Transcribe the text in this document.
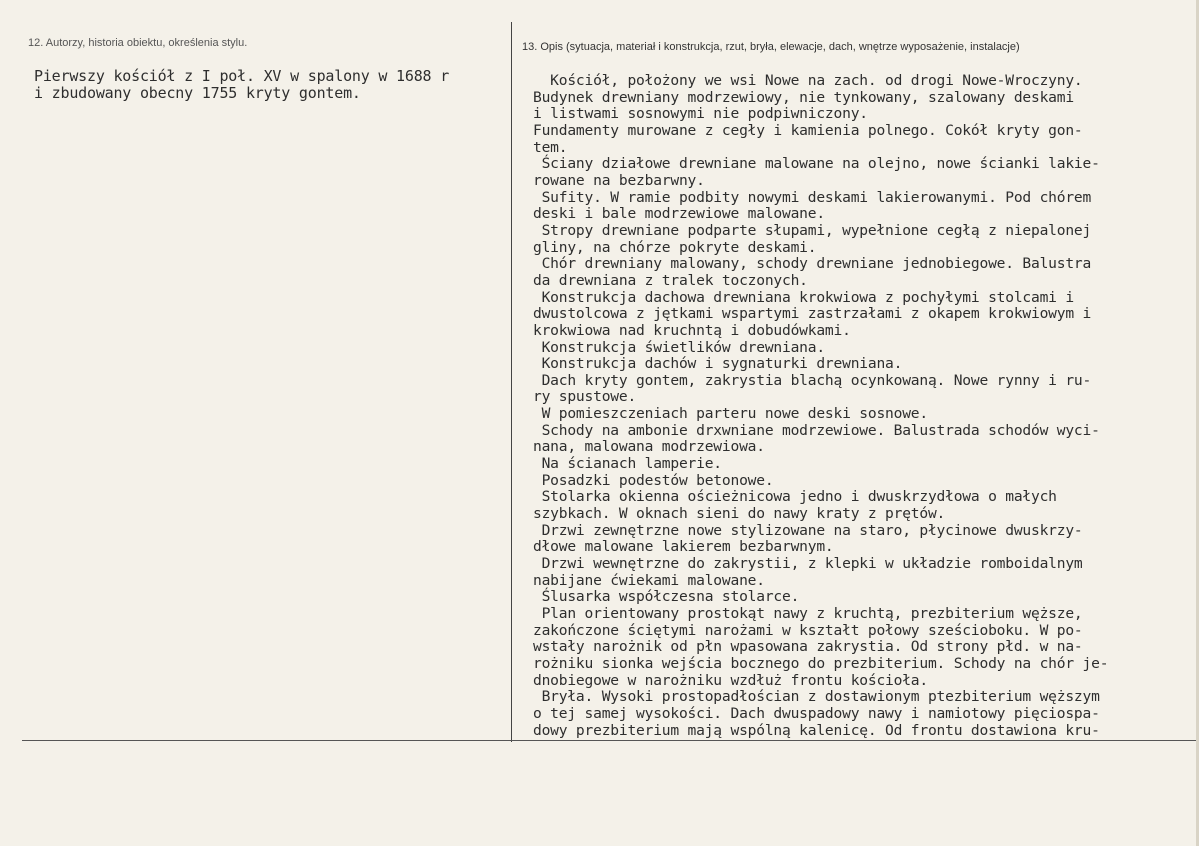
12. Autorzy, historia obiektu, określenia stylu.	13. Opis (sytuacja, materiał i konstrukcja, rzut, bryła, elewacje, dach, wnętrze wyposażenie, instalacje)
Pierwszy kościół z I poł. XV w spalony w 1688 r
i zbudowany obecny 1755 kryty gontem.
Kościół, położony we wsi Nowe na zach. od drogi Nowe-Wroczyny.
Budynek drewniany modrzewiowy, nie tynkowany, szalowany deskami
i listwami sosnowymi nie podpiwniczony.
Fundamenty murowane z cegły i kamienia polnego. Cokół kryty gon-
tem.
Ściany działowe drewniane malowane na olejno, nowe ścianki lakie-
rowane na bezbarwny.
Sufity. W ramie podbity nowymi deskami lakierowanymi. Pod chórem
deski i bale modrzewiowe malowane.
Stropy drewniane podparte słupami, wypełnione cegłą z niepalonej
gliny, na chórze pokryte deskami.
Chór drewniany malowany, schody drewniane jednobiegowe. Balustra
da drewniana z tralek toczonych.
Konstrukcja dachowa drewniana krokwiowa z pochyłymi stolcami i
dwustolcowa z jętkami wspartymi zastrzałami z okapem krokwiowym i
krokwiowa nad kruchntą i dobudówkami.
Konstrukcja świetlików drewniana.
Konstrukcja dachów i sygnaturki drewniana.
Dach kryty gontem, zakrystia blachą ocynkowaną. Nowe rynny i ru-
ry spustowe.
W pomieszczeniach parteru nowe deski sosnowe.
Schody na ambonie drxwniane modrzewiowe. Balustrada schodów wyci-
nana, malowana modrzewiowa.
Na ścianach lamperie.
Posadzki podestów betonowe.
Stolarka okienna ościeżnicowa jedno i dwuskrzydłowa o małych
szybkach. W oknach sieni do nawy kraty z prętów.
Drzwi zewnętrzne nowe stylizowane na staro, płycinowe dwuskrzy-
dłowe malowane lakierem bezbarwnym.
Drzwi wewnętrzne do zakrystii, z klepki w układzie romboidalnym
nabijane ćwiekami malowane.
Ślusarka współczesna stolarce.
Plan orientowany prostokąt nawy z kruchtą, prezbiterium węższe,
zakończone ściętymi narożami w kształt połowy sześcioboku. W po-
wstały narożnik od płn wpasowana zakrystia. Od strony płd. w na-
rożniku sionka wejścia bocznego do prezbiterium. Schody na chór je-
dnobiegowe w narożniku wzdłuż frontu kościoła.
Bryła. Wysoki prostopadłościan z dostawionym ptezbiterium węższym
o tej samej wysokości. Dach dwuspadowy nawy i namiotowy pięciospa-
dowy prezbiterium mają wspólną kalenicę. Od frontu dostawiona kru-
